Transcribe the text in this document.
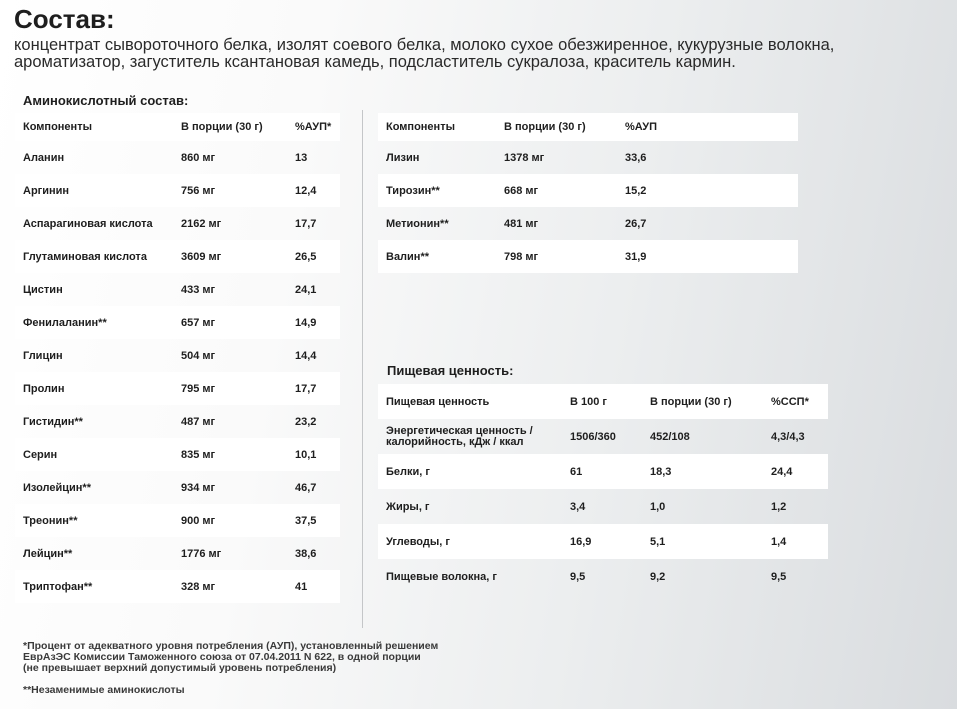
Состав:

концентрат сывороточного белка, изолят соевого белка, молоко сухое обезжиренное, кукурузные волокна,
ароматизатор, загуститель ксантановая камедь, подсластитель сукралоза, краситель кармин.

Аминокислотный состав:
Компоненты	В порции (30 г)	%АУП*
Аланин	860 мг	13
Аргинин	756 мг	12,4
Аспарагиновая кислота	2162 мг	17,7
Глутаминовая кислота	3609 мг	26,5
Цистин	433 мг	24,1
Фенилаланин**	657 мг	14,9
Глицин	504 мг	14,4
Пролин	795 мг	17,7
Гистидин**	487 мг	23,2
Серин	835 мг	10,1
Изолейцин**	934 мг	46,7
Треонин**	900 мг	37,5
Лейцин**	1776 мг	38,6
Триптофан**	328 мг	41
Компоненты	В порции (30 г)	%АУП
Лизин	1378 мг	33,6
Тирозин**	668 мг	15,2
Метионин**	481 мг	26,7
Валин**	798 мг	31,9
Пищевая ценность:
Пищевая ценность	В 100 г	В порции (30 г)	%ССП*
Энергетическая ценность /
калорийность, кДж / ккал	1506/360	452/108	4,3/4,3
Белки, г	61	18,3	24,4
Жиры, г	3,4	1,0	1,2
Углеводы, г	16,9	5,1	1,4
Пищевые волокна, г	9,5	9,2	9,5

*Процент от адекватного уровня потребления (АУП), установленный решением
ЕврАзЭС Комиссии Таможенного союза от 07.04.2011 N 622, в одной порции
(не превышает верхний допустимый уровень потребления)

**Незаменимые аминокислоты
